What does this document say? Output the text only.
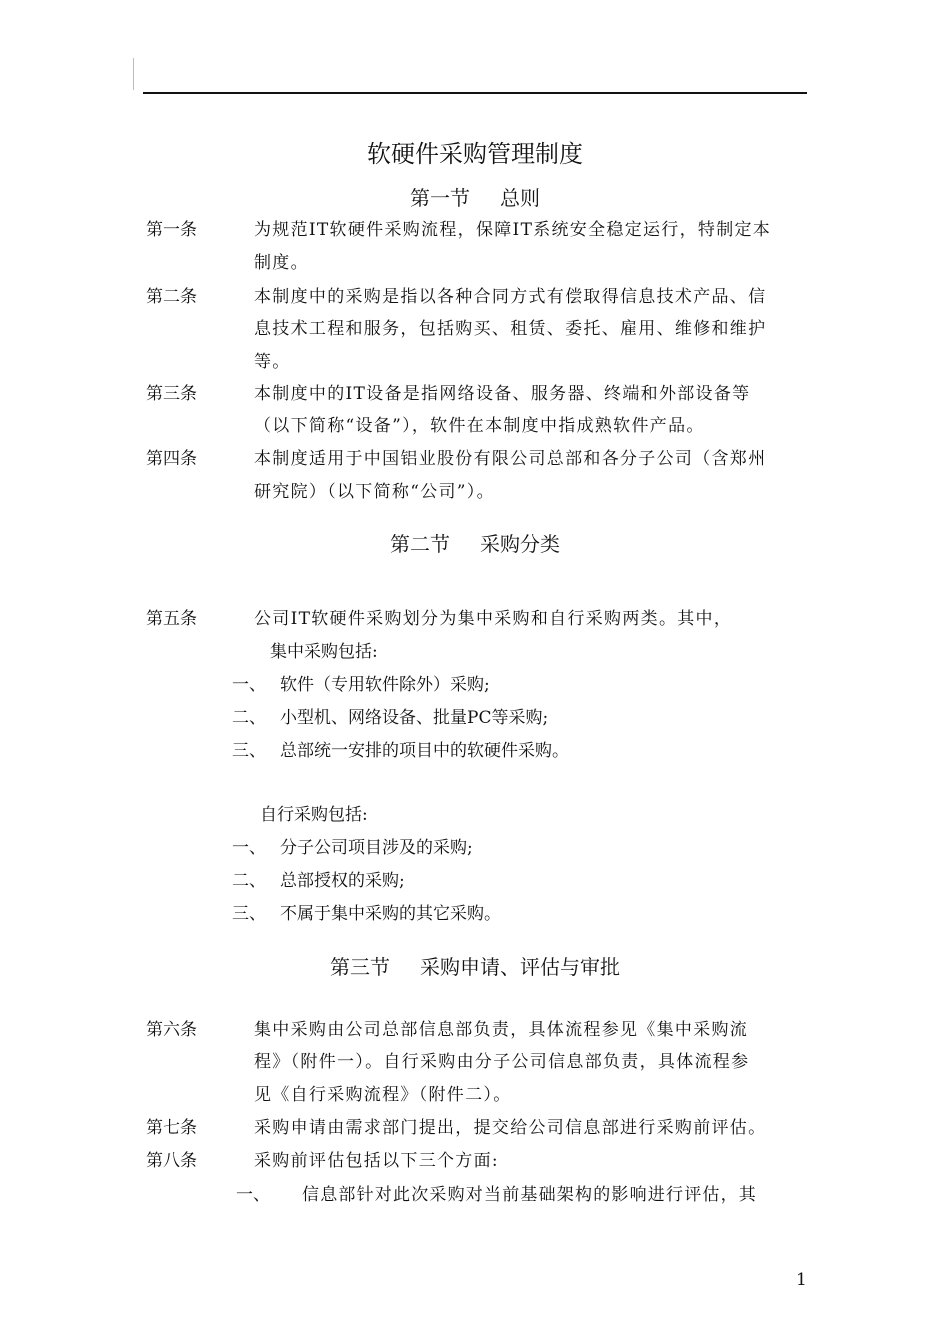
软硬件采购管理制度
第一节 总则
第一条	为规范IT软硬件采购流程，保障IT系统安全稳定运行，特制定本
制度。
第二条	本制度中的采购是指以各种合同方式有偿取得信息技术产品、信
息技术工程和服务，包括购买、租赁、委托、雇用、维修和维护
等。
第三条	本制度中的IT设备是指网络设备、服务器、终端和外部设备等
（以下简称“设备”），软件在本制度中指成熟软件产品。
第四条	本制度适用于中国铝业股份有限公司总部和各分子公司（含郑州
研究院）（以下简称“公司”）。
第二节 采购分类
第五条	公司IT软硬件采购划分为集中采购和自行采购两类。其中，
集中采购包括:
一、 软件（专用软件除外）采购;
二、 小型机、网络设备、批量PC等采购;
三、 总部统一安排的项目中的软硬件采购。
自行采购包括:
一、 分子公司项目涉及的采购;
二、 总部授权的采购;
三、 不属于集中采购的其它采购。
第三节 采购申请、评估与审批
第六条	集中采购由公司总部信息部负责，具体流程参见《集中采购流
程》（附件一）。自行采购由分子公司信息部负责，具体流程参
见《自行采购流程》（附件二）。
第七条	采购申请由需求部门提出，提交给公司信息部进行采购前评估。
第八条	采购前评估包括以下三个方面:
一、 信息部针对此次采购对当前基础架构的影响进行评估，其
1
